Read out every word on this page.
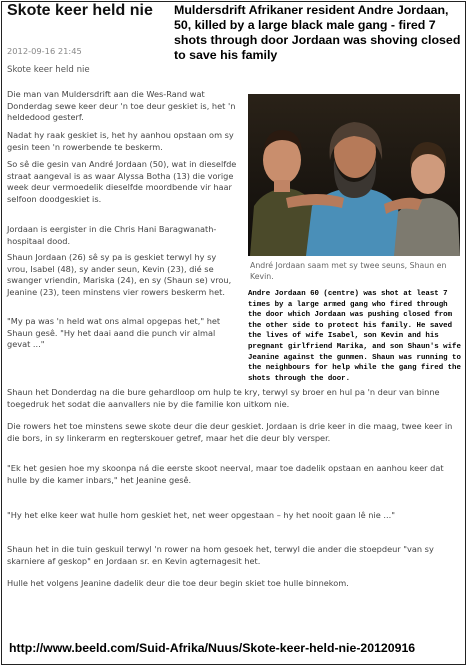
Skote keer held nie Muldersdrift Afrikaner resident Andre Jordaan, 50, killed by a large black male gang - fired 7 shots through door Jordaan was shoving closed to save his family
2012-09-16 21:45
Skote keer held nie
Die man van Muldersdrift aan die Wes-Rand wat Donderdag sewe keer deur 'n toe deur geskiet is, het 'n heldedood gesterf.
Nadat hy raak geskiet is, het hy aanhou opstaan om sy gesin teen 'n rowerbende te beskerm.
So sê die gesin van André Jordaan (50), wat in dieselfde straat aangeval is as waar Alyssa Botha (13) die vorige week deur vermoedelik dieselfde moordbende vir haar selfoon doodgeskiet is.
Jordaan is eergister in die Chris Hani Baragwanath-hospitaal dood.
Shaun Jordaan (26) sê sy pa is geskiet terwyl hy sy vrou, Isabel (48), sy ander seun, Kevin (23), dié se swanger vriendin, Mariska (24), en sy (Shaun se) vrou, Jeanine (23), teen minstens vier rowers beskerm het.
"My pa was 'n held wat ons almal opgepas het," het Shaun gesê. "Hy het daai aand die punch vir almal gevat ..."
Shaun het Donderdag na die bure gehardloop om hulp te kry, terwyl sy broer en hul pa 'n deur van binne toegedruk het sodat die aanvallers nie by die familie kon uitkom nie.
Die rowers het toe minstens sewe skote deur die deur geskiet. Jordaan is drie keer in die maag, twee keer in die bors, in sy linkerarm en regterskouer getref, maar het die deur bly versper.
"Ek het gesien hoe my skoonpa ná die eerste skoot neerval, maar toe dadelik opstaan en aanhou keer dat hulle by die kamer inbars," het Jeanine gesê.
"Hy het elke keer wat hulle hom geskiet het, net weer opgestaan – hy het nooit gaan lê nie ..."
Shaun het in die tuin geskuil terwyl 'n rower na hom gesoek het, terwyl die ander die stoepdeur "van sy skarniere af geskop" en Jordaan sr. en Kevin agternagesit het.
Hulle het volgens Jeanine dadelik deur die toe deur begin skiet toe hulle binnekom.
André Jordaan saam met sy twee seuns, Shaun en Kevin.
Andre Jordaan 60 (centre) was shot at least 7 times by a large armed gang who fired through the door which Jordaan was pushing closed from the other side to protect his family. He saved the lives of wife Isabel, son Kevin and his pregnant girlfriend Marika, and son Shaun's wife Jeanine against the gunmen. Shaun was running to the neighbours for help while the gang fired the shots through the door.
http://www.beeld.com/Suid-Afrika/Nuus/Skote-keer-held-nie-20120916
